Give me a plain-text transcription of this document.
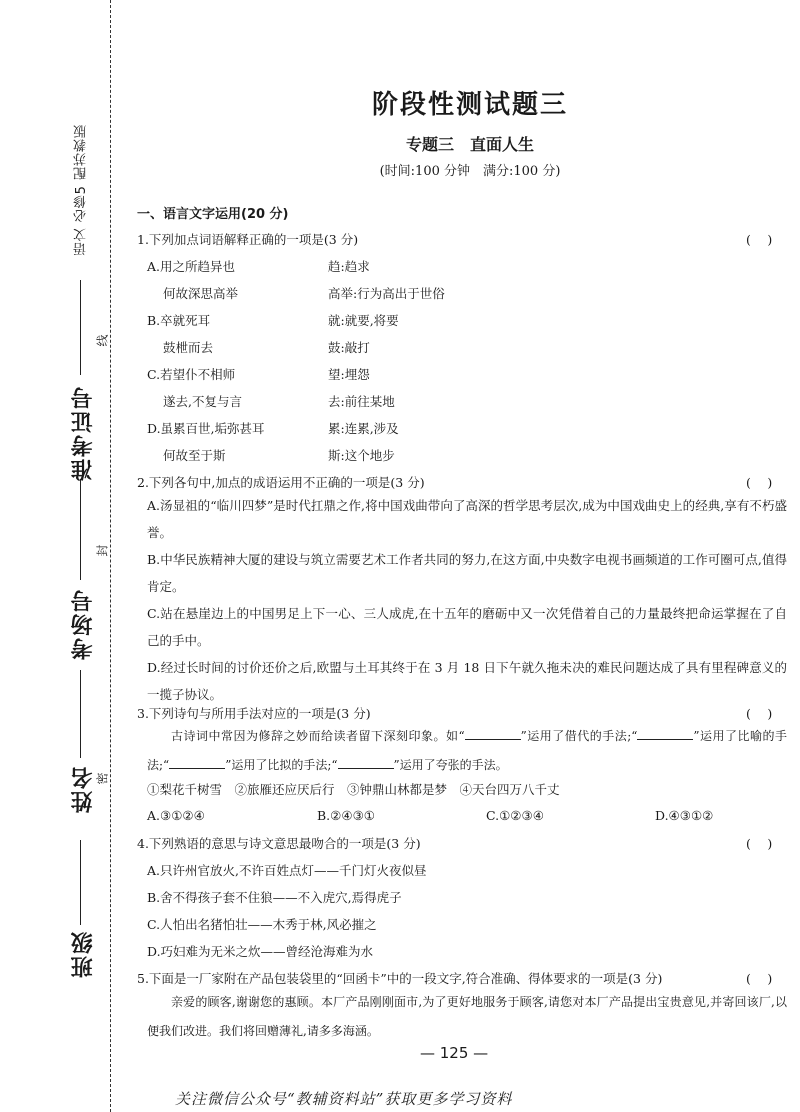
语文 必修5 配苏教版
准考证号
考场号
姓名
班级
线
封
密
阶段性测试题三
专题三　直面人生
(时间:100 分钟　满分:100 分)
一、语言文字运用(20 分)
1.下列加点词语解释正确的一项是(3 分)	(　 )
A.用之所趋异也	趋:趋求
何故深思高举	高举:行为高出于世俗
B.卒就死耳	就:就要,将要
鼓枻而去	鼓:敲打
C.若望仆不相师	望:埋怨
遂去,不复与言	去:前往某地
D.虽累百世,垢弥甚耳	累:连累,涉及
何故至于斯	斯:这个地步
2.下列各句中,加点的成语运用不正确的一项是(3 分)	(　 )
A.汤显祖的“临川四梦”是时代扛鼎之作,将中国戏曲带向了高深的哲学思考层次,成为中国戏曲史上的经典,享有不朽盛誉。
B.中华民族精神大厦的建设与筑立需要艺术工作者共同的努力,在这方面,中央数字电视书画频道的工作可圈可点,值得肯定。
C.站在悬崖边上的中国男足上下一心、三人成虎,在十五年的磨砺中又一次凭借着自己的力量最终把命运掌握在了自己的手中。
D.经过长时间的讨价还价之后,欧盟与土耳其终于在 3 月 18 日下午就久拖未决的难民问题达成了具有里程碑意义的一揽子协议。
3.下列诗句与所用手法对应的一项是(3 分)	(　 )
古诗词中常因为修辞之妙而给读者留下深刻印象。如“	”运用了借代的手法;“	”运用了比喻的手法;“	”运用了比拟的手法;“	”运用了夸张的手法。
①梨花千树雪　②旅雁还应厌后行　③钟鼎山林都是梦　④天台四万八千丈
A.③①②④	B.②④③①	C.①②③④	D.④③①②
4.下列熟语的意思与诗文意思最吻合的一项是(3 分)	(　 )
A.只许州官放火,不许百姓点灯——千门灯火夜似昼
B.舍不得孩子套不住狼——不入虎穴,焉得虎子
C.人怕出名猪怕壮——木秀于林,风必摧之
D.巧妇难为无米之炊——曾经沧海难为水
5.下面是一厂家附在产品包装袋里的“回函卡”中的一段文字,符合准确、得体要求的一项是(3 分)	(　 )
亲爱的顾客,谢谢您的惠顾。本厂产品刚刚面市,为了更好地服务于顾客,请您对本厂产品提出宝贵意见,并寄回该厂,以便我们改进。我们将回赠薄礼,请多多海涵。
— 125 —
关注微信公众号“教辅资料站”获取更多学习资料
